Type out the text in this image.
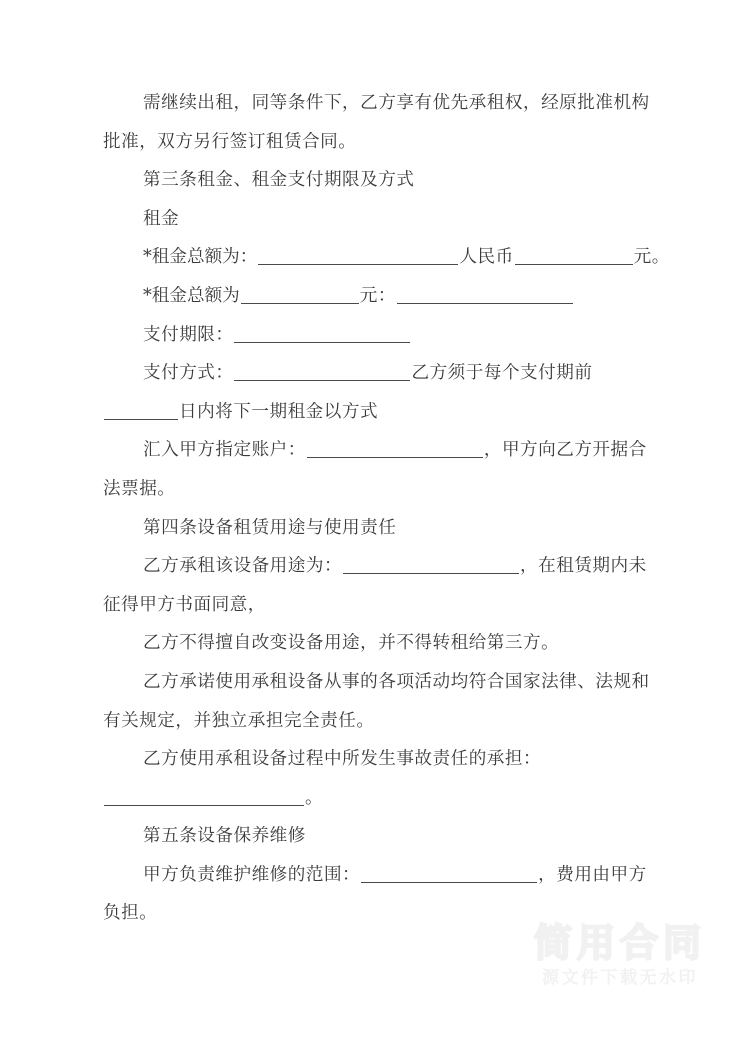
需继续出租，同等条件下，乙方享有优先承租权，经原批准机构
批准，双方另行签订租赁合同。
第三条租金、租金支付期限及方式
租金
*租金总额为：	人民币	元。
*租金总额为	元：
支付期限：
支付方式：	乙方须于每个支付期前
日内将下一期租金以方式
汇入甲方指定账户：	，甲方向乙方开据合
法票据。
第四条设备租赁用途与使用责任
乙方承租该设备用途为：	，在租赁期内未
征得甲方书面同意，
乙方不得擅自改变设备用途，并不得转租给第三方。
乙方承诺使用承租设备从事的各项活动均符合国家法律、法规和
有关规定，并独立承担完全责任。
乙方使用承租设备过程中所发生事故责任的承担：
。
第五条设备保养维修
甲方负责维护维修的范围：	，费用由甲方
负担。
简用合同
源文件下载无水印
